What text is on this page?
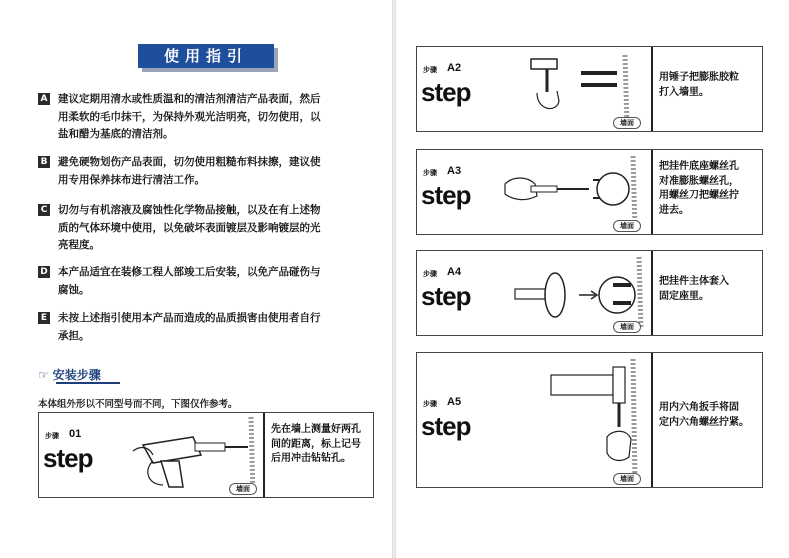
使用指引
A 建议定期用清水或性质温和的清洁剂清洁产品表面，然后
用柔软的毛巾抹干，为保持外观光洁明亮，切勿使用，以
盐和醋为基底的清洁剂。
B 避免硬物划伤产品表面，切勿使用粗糙布料抹擦，建议使
用专用保养抹布进行清洁工作。
C 切勿与有机溶液及腐蚀性化学物品接触，以及在有上述物
质的气体环境中使用，以免破坏表面镀层及影响镀层的光
亮程度。
D 本产品适宜在装修工程人部竣工后安装，以免产品碰伤与
腐蚀。
E 未按上述指引使用本产品而造成的品质损害由使用者自行
承担。
☞ 安装步骤
本体组外形以不同型号而不同，下图仅作参考。
步骤 01
step
墙面
先在墙上测量好两孔
间的距离，标上记号
后用冲击钻钻孔。
步骤 A2
step
墙面
用锤子把膨胀胶粒
打入墙里。
步骤 A3
step
墙面
把挂件底座螺丝孔
对准膨胀螺丝孔，
用螺丝刀把螺丝拧
进去。
步骤 A4
step
墙面
把挂件主体套入
固定座里。
步骤 A5
step
墙面
用内六角扳手将固
定内六角螺丝拧紧。
